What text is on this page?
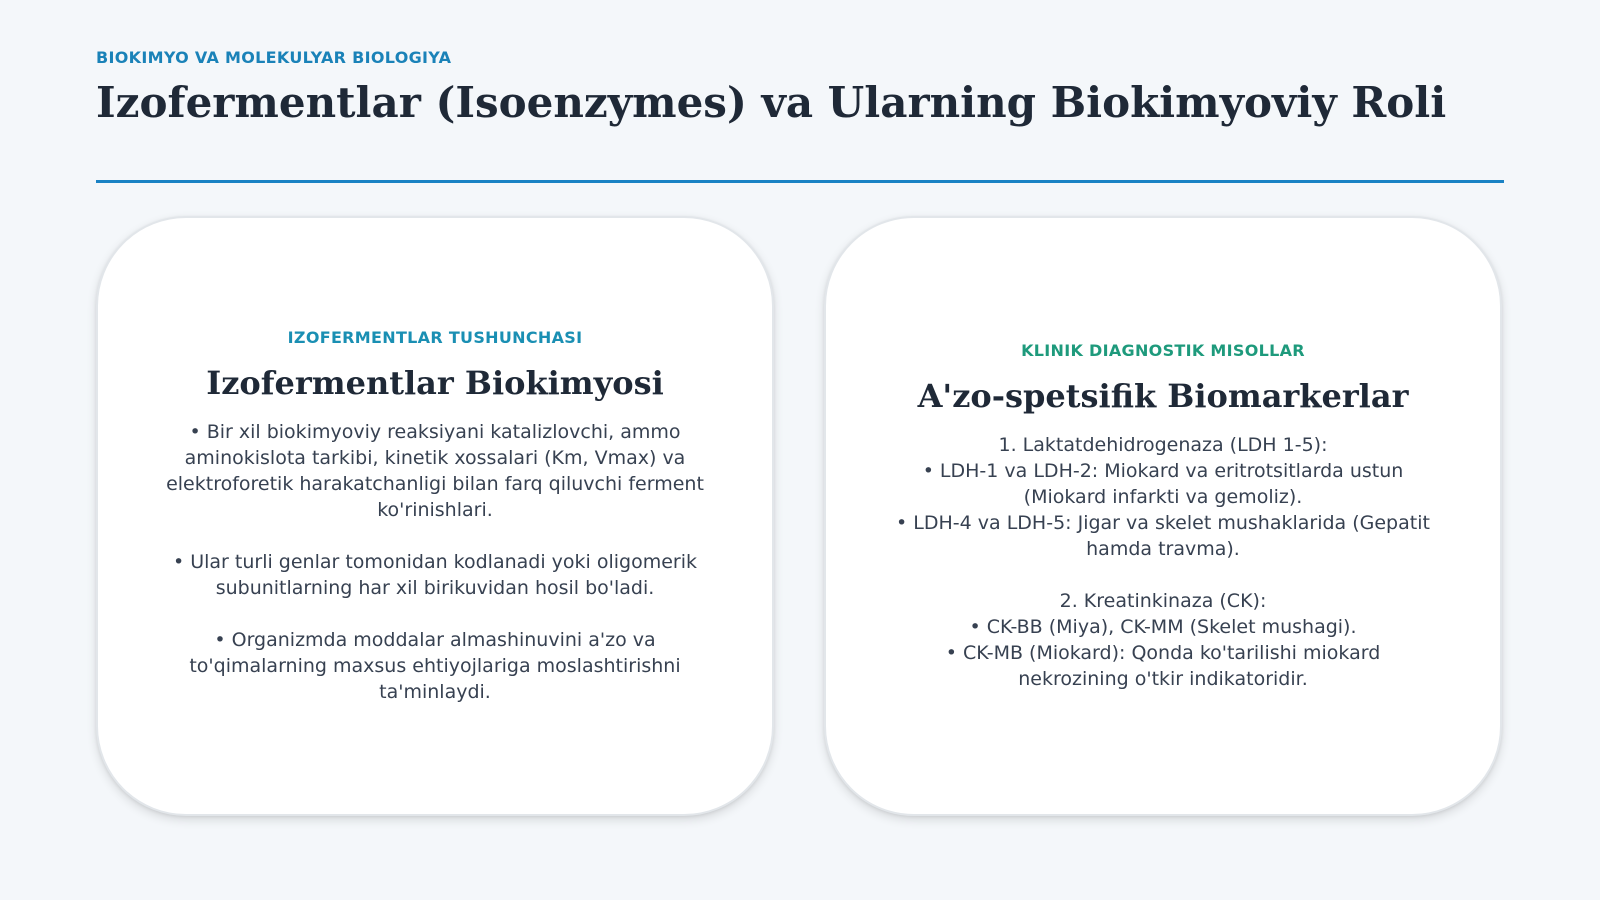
BIOKIMYO VA MOLEKULYAR BIOLOGIYA

Izofermentlar (Isoenzymes) va Ularning Biokimyoviy Roli

IZOFERMENTLAR TUSHUNCHASI

Izofermentlar Biokimyosi

• Bir xil biokimyoviy reaksiyani katalizlovchi, ammo aminokislota tarkibi, kinetik xossalari (Km, Vmax) va elektroforetik harakatchanligi bilan farq qiluvchi ferment ko'rinishlari.

• Ular turli genlar tomonidan kodlanadi yoki oligomerik subunitlarning har xil birikuvidan hosil bo'ladi.

• Organizmda moddalar almashinuvini a'zo va to'qimalarning maxsus ehtiyojlariga moslashtirishni ta'minlaydi.

KLINIK DIAGNOSTIK MISOLLAR

A'zo-spetsifik Biomarkerlar

1. Laktatdehidrogenaza (LDH 1-5):

• LDH-1 va LDH-2: Miokard va eritrotsitlarda ustun (Miokard infarkti va gemoliz).

• LDH-4 va LDH-5: Jigar va skelet mushaklarida (Gepatit hamda travma).

2. Kreatinkinaza (CK):

• CK-BB (Miya), CK-MM (Skelet mushagi).

• CK-MB (Miokard): Qonda ko'tarilishi miokard nekrozining o'tkir indikatoridir.
